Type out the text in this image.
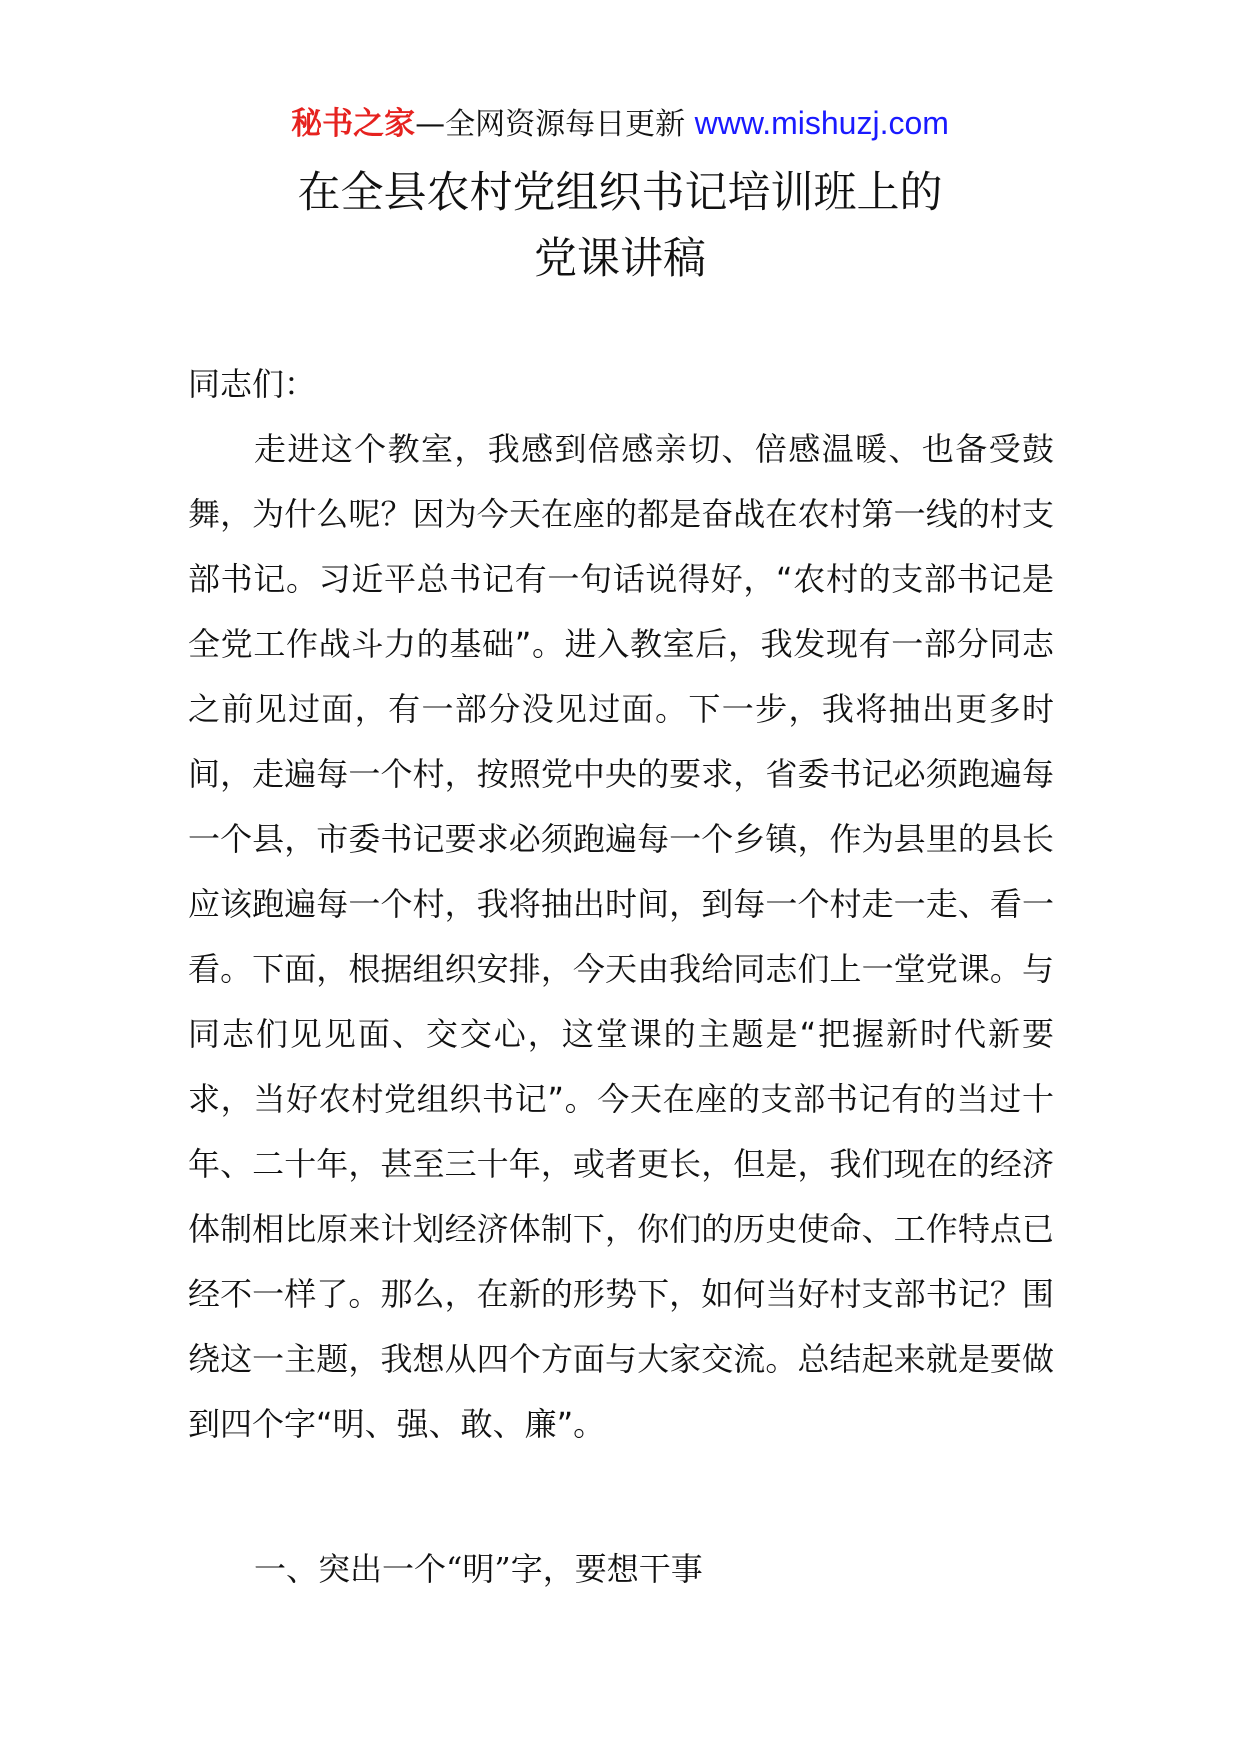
秘书之家—全网资源每日更新 www.mishuzj.com
在全县农村党组织书记培训班上的
党课讲稿

同志们：

走进这个教室，我感到倍感亲切、倍感温暖、也备受鼓舞，为什么呢？因为今天在座的都是奋战在农村第一线的村支部书记。习近平总书记有一句话说得好，“农村的支部书记是全党工作战斗力的基础”。进入教室后，我发现有一部分同志之前见过面，有一部分没见过面。下一步，我将抽出更多时间，走遍每一个村，按照党中央的要求，省委书记必须跑遍每一个县，市委书记要求必须跑遍每一个乡镇，作为县里的县长应该跑遍每一个村，我将抽出时间，到每一个村走一走、看一看。下面，根据组织安排，今天由我给同志们上一堂党课。与同志们见见面、交交心，这堂课的主题是“把握新时代新要求，当好农村党组织书记”。今天在座的支部书记有的当过十年、二十年，甚至三十年，或者更长，但是，我们现在的经济体制相比原来计划经济体制下，你们的历史使命、工作特点已经不一样了。那么，在新的形势下，如何当好村支部书记？围绕这一主题，我想从四个方面与大家交流。总结起来就是要做到四个字“明、强、敢、廉”。

一、突出一个“明”字，要想干事
